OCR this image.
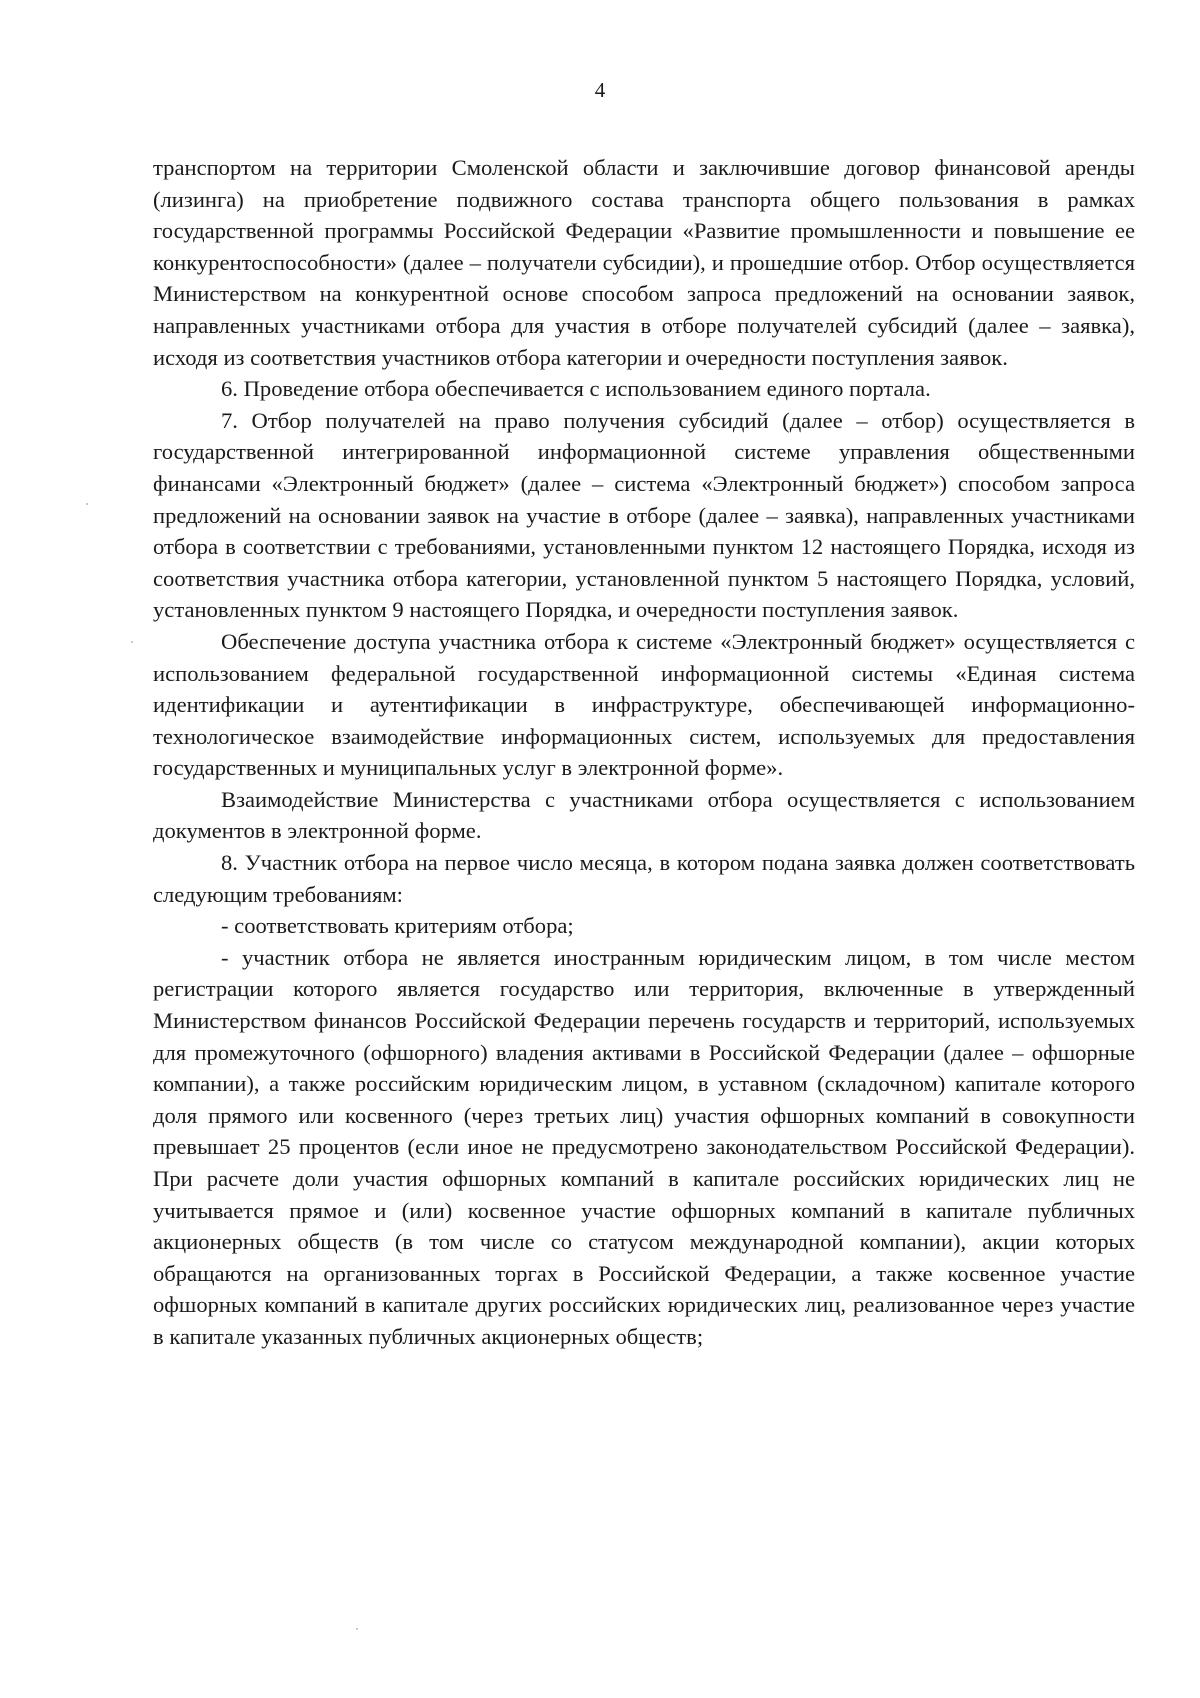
4

транспортом на территории Смоленской области и заключившие договор финансовой аренды (лизинга) на приобретение подвижного состава транспорта общего пользования в рамках государственной программы Российской Федерации «Развитие промышленности и повышение ее конкурентоспособности» (далее – получатели субсидии), и прошедшие отбор. Отбор осуществляется Министерством на конкурентной основе способом запроса предложений на основании заявок, направленных участниками отбора для участия в отборе получателей субсидий (далее – заявка), исходя из соответствия участников отбора категории и очередности поступления заявок.

6. Проведение отбора обеспечивается с использованием единого портала.

7. Отбор получателей на право получения субсидий (далее – отбор) осуществляется в государственной интегрированной информационной системе управления общественными финансами «Электронный бюджет» (далее – система «Электронный бюджет») способом запроса предложений на основании заявок на участие в отборе (далее – заявка), направленных участниками отбора в соответствии с требованиями, установленными пунктом 12 настоящего Порядка, исходя из соответствия участника отбора категории, установленной пунктом 5 настоящего Порядка, условий, установленных пунктом 9 настоящего Порядка, и очередности поступления заявок.

Обеспечение доступа участника отбора к системе «Электронный бюджет» осуществляется с использованием федеральной государственной информационной системы «Единая система идентификации и аутентификации в инфраструктуре, обеспечивающей информационно-технологическое взаимодействие информационных систем, используемых для предоставления государственных и муниципальных услуг в электронной форме».

Взаимодействие Министерства с участниками отбора осуществляется с использованием документов в электронной форме.

8. Участник отбора на первое число месяца, в котором подана заявка должен соответствовать следующим требованиям:

- соответствовать критериям отбора;

- участник отбора не является иностранным юридическим лицом, в том числе местом регистрации которого является государство или территория, включенные в утвержденный Министерством финансов Российской Федерации перечень государств и территорий, используемых для промежуточного (офшорного) владения активами в Российской Федерации (далее – офшорные компании), а также российским юридическим лицом, в уставном (складочном) капитале которого доля прямого или косвенного (через третьих лиц) участия офшорных компаний в совокупности превышает 25 процентов (если иное не предусмотрено законодательством Российской Федерации). При расчете доли участия офшорных компаний в капитале российских юридических лиц не учитывается прямое и (или) косвенное участие офшорных компаний в капитале публичных акционерных обществ (в том числе со статусом международной компании), акции которых обращаются на организованных торгах в Российской Федерации, а также косвенное участие офшорных компаний в капитале других российских юридических лиц, реализованное через участие в капитале указанных публичных акционерных обществ;
